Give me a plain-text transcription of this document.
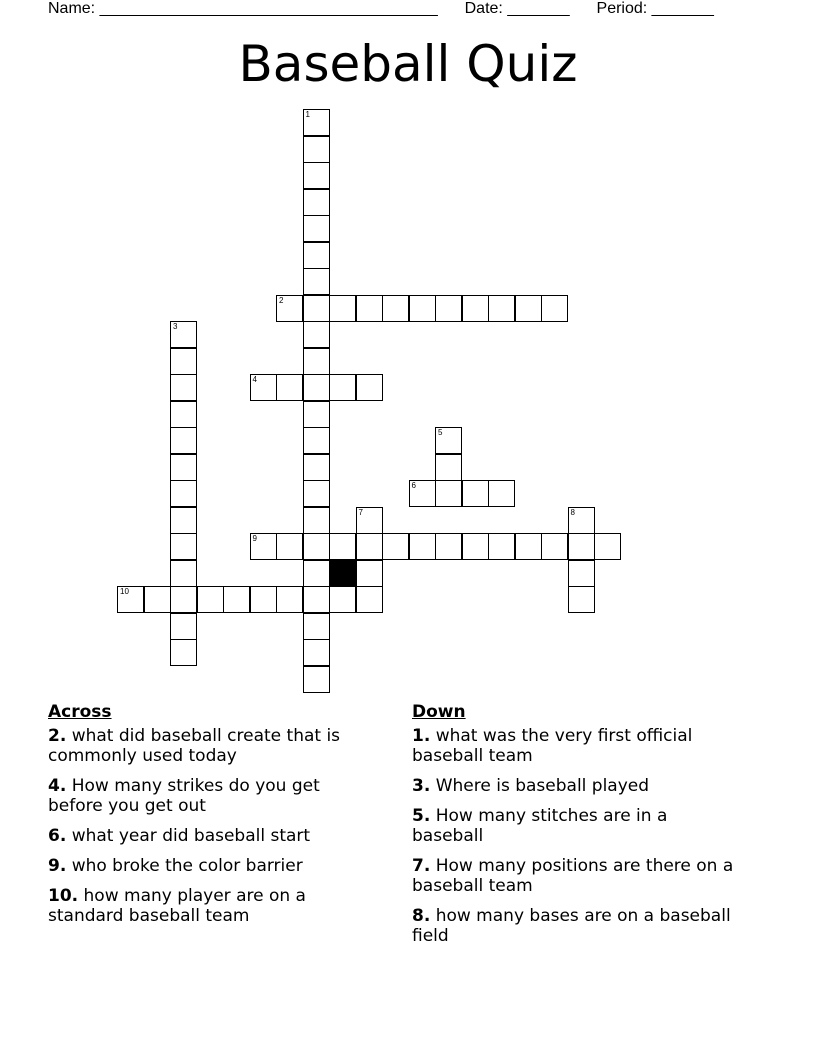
Name: ______________________________________ Date: _______ Period: _______
Baseball Quiz
1
2
3
4
5
6
7	8
9
10
Across
2. what did baseball create that is commonly used today
4. How many strikes do you get before you get out
6. what year did baseball start
9. who broke the color barrier
10. how many player are on a standard baseball team
Down
1. what was the very first official baseball team
3. Where is baseball played
5. How many stitches are in a baseball
7. How many positions are there on a baseball team
8. how many bases are on a baseball field
